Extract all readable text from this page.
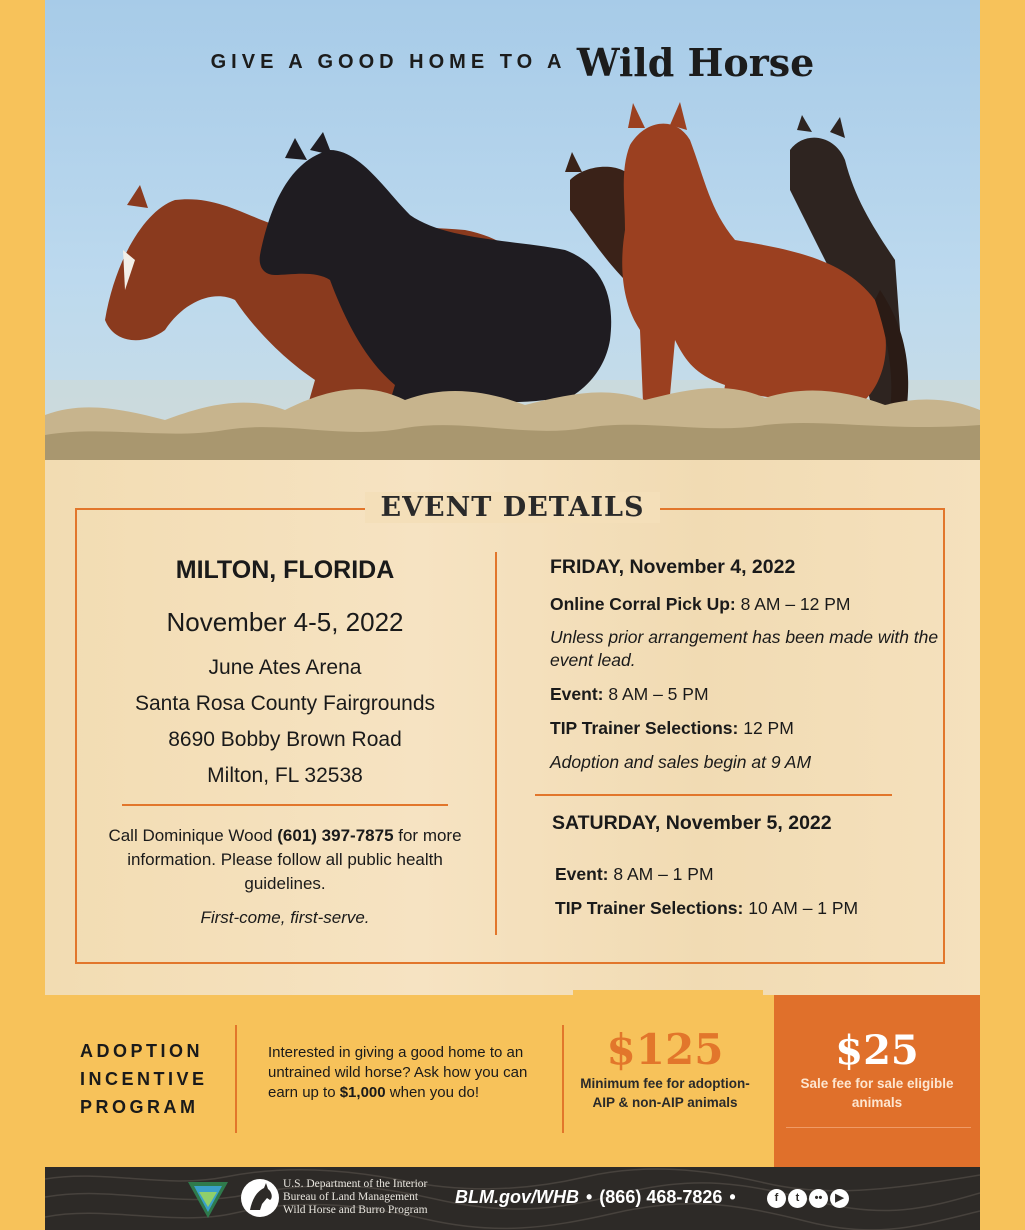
GIVE A GOOD HOME TO A Wild Horse
EVENT DETAILS
MILTON, FLORIDA
November 4-5, 2022
June Ates Arena
Santa Rosa County Fairgrounds
8690 Bobby Brown Road
Milton, FL 32538
Call Dominique Wood (601) 397-7875 for more information. Please follow all public health guidelines.
First-come, first-serve.
FRIDAY, November 4, 2022
Online Corral Pick Up: 8 AM – 12 PM
Unless prior arrangement has been made with the event lead.
Event: 8 AM – 5 PM
TIP Trainer Selections: 12 PM
Adoption and sales begin at 9 AM
SATURDAY, November 5, 2022
Event: 8 AM – 1 PM
TIP Trainer Selections: 10 AM – 1 PM
ADOPTION
INCENTIVE
PROGRAM
Interested in giving a good home to an untrained wild horse? Ask how you can earn up to $1,000 when you do!
$125
Minimum fee for adoption- AIP & non-AIP animals
$25
Sale fee for sale eligible animals
U.S. Department of the Interior
Bureau of Land Management
Wild Horse and Burro Program
BLM.gov/WHB • (866) 468-7826 •	f t •• ▶
